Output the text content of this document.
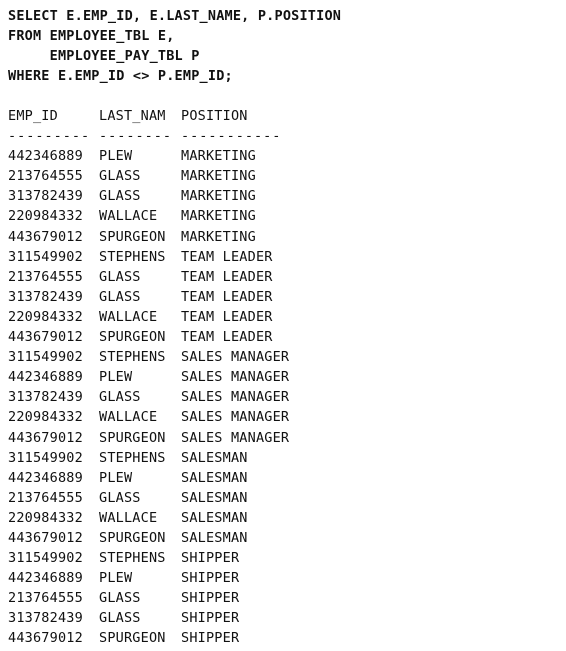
SELECT E.EMP_ID, E.LAST_NAME, P.POSITION
FROM EMPLOYEE_TBL E,
EMPLOYEE_PAY_TBL P
WHERE E.EMP_ID <> P.EMP_ID;
EMP_ID	LAST_NAM	POSITION
--------- -------- -----------
442346889	PLEW	MARKETING
213764555	GLASS	MARKETING
313782439	GLASS	MARKETING
220984332	WALLACE	MARKETING
443679012	SPURGEON	MARKETING
311549902	STEPHENS	TEAM LEADER
213764555	GLASS	TEAM LEADER
313782439	GLASS	TEAM LEADER
220984332	WALLACE	TEAM LEADER
443679012	SPURGEON	TEAM LEADER
311549902	STEPHENS	SALES MANAGER
442346889	PLEW	SALES MANAGER
313782439	GLASS	SALES MANAGER
220984332	WALLACE	SALES MANAGER
443679012	SPURGEON	SALES MANAGER
311549902	STEPHENS	SALESMAN
442346889	PLEW	SALESMAN
213764555	GLASS	SALESMAN
220984332	WALLACE	SALESMAN
443679012	SPURGEON	SALESMAN
311549902	STEPHENS	SHIPPER
442346889	PLEW	SHIPPER
213764555	GLASS	SHIPPER
313782439	GLASS	SHIPPER
443679012	SPURGEON	SHIPPER
